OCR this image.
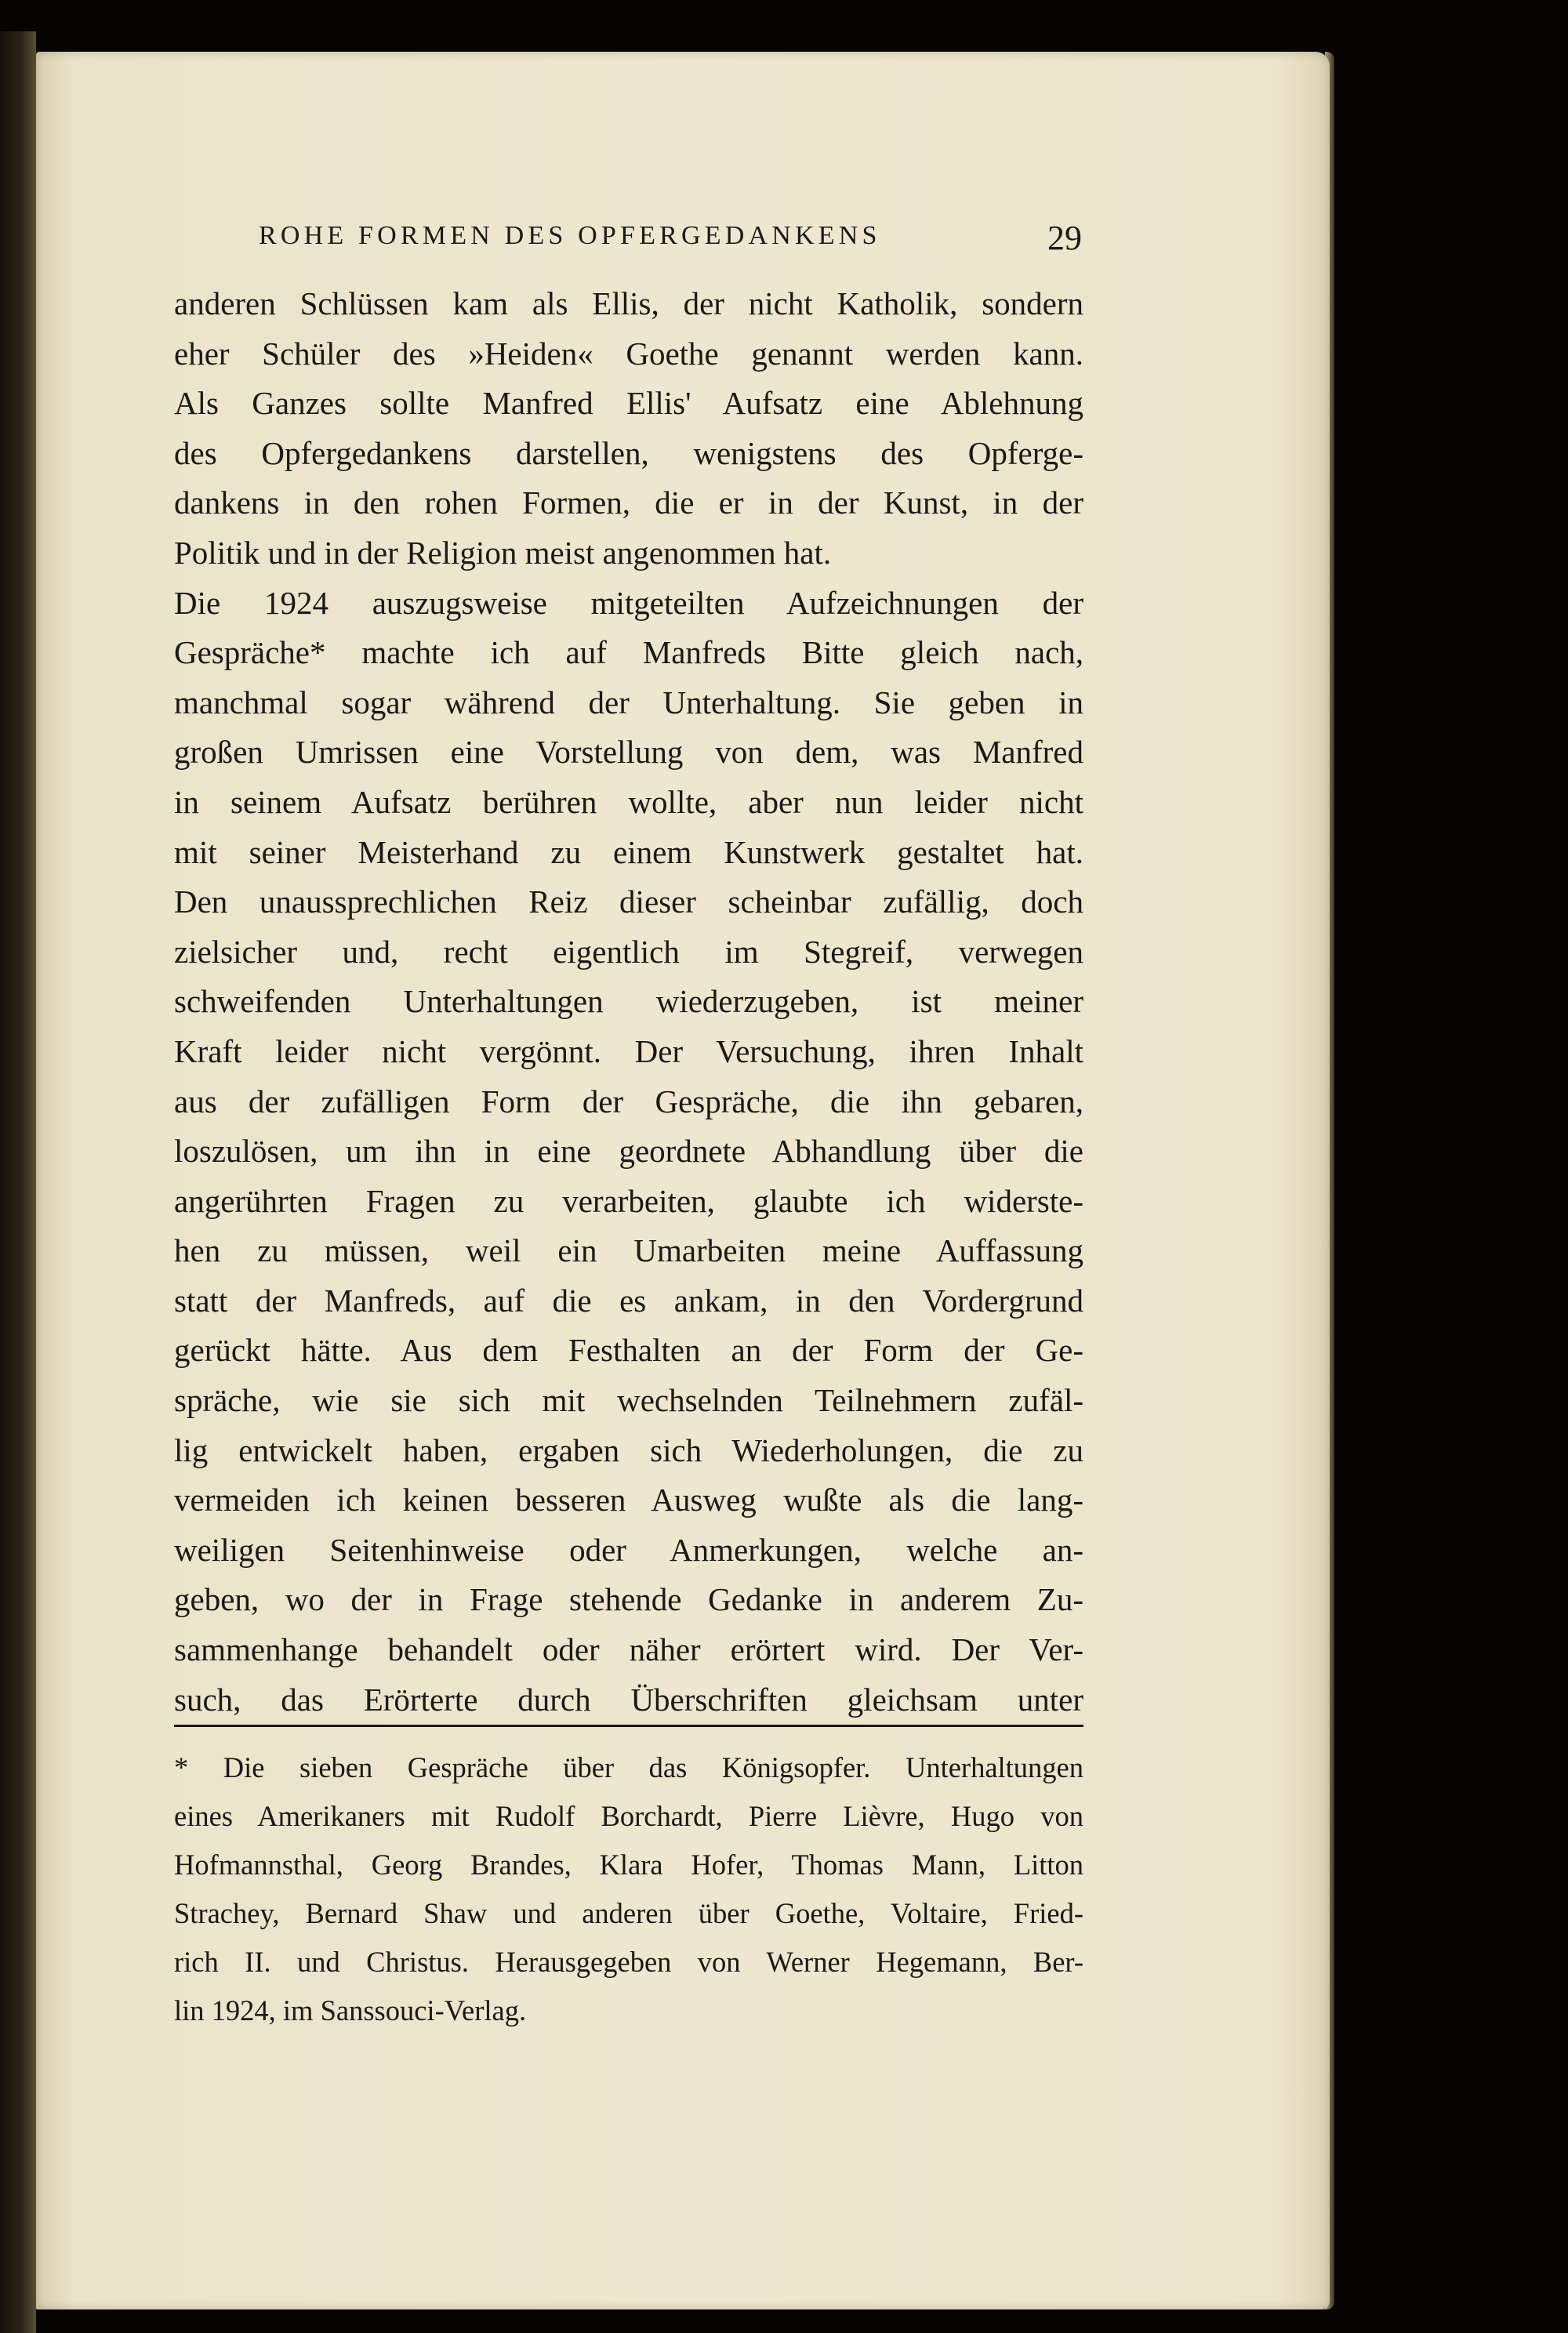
ROHE FORMEN DES OPFERGEDANKENS	29
anderen Schlüssen kam als Ellis, der nicht Katholik, sondern
eher Schüler des »Heiden« Goethe genannt werden kann.
Als Ganzes sollte Manfred Ellis' Aufsatz eine Ablehnung
des Opfergedankens darstellen, wenigstens des Opferge-
dankens in den rohen Formen, die er in der Kunst, in der
Politik und in der Religion meist angenommen hat.
Die 1924 auszugsweise mitgeteilten Aufzeichnungen der
Gespräche* machte ich auf Manfreds Bitte gleich nach,
manchmal sogar während der Unterhaltung. Sie geben in
großen Umrissen eine Vorstellung von dem, was Manfred
in seinem Aufsatz berühren wollte, aber nun leider nicht
mit seiner Meisterhand zu einem Kunstwerk gestaltet hat.
Den unaussprechlichen Reiz dieser scheinbar zufällig, doch
zielsicher und, recht eigentlich im Stegreif, verwegen
schweifenden Unterhaltungen wiederzugeben, ist meiner
Kraft leider nicht vergönnt. Der Versuchung, ihren Inhalt
aus der zufälligen Form der Gespräche, die ihn gebaren,
loszulösen, um ihn in eine geordnete Abhandlung über die
angerührten Fragen zu verarbeiten, glaubte ich widerste-
hen zu müssen, weil ein Umarbeiten meine Auffassung
statt der Manfreds, auf die es ankam, in den Vordergrund
gerückt hätte. Aus dem Festhalten an der Form der Ge-
spräche, wie sie sich mit wechselnden Teilnehmern zufäl-
lig entwickelt haben, ergaben sich Wiederholungen, die zu
vermeiden ich keinen besseren Ausweg wußte als die lang-
weiligen Seitenhinweise oder Anmerkungen, welche an-
geben, wo der in Frage stehende Gedanke in anderem Zu-
sammenhange behandelt oder näher erörtert wird. Der Ver-
such, das Erörterte durch Überschriften gleichsam unter
* Die sieben Gespräche über das Königsopfer. Unterhaltungen
eines Amerikaners mit Rudolf Borchardt, Pierre Lièvre, Hugo von
Hofmannsthal, Georg Brandes, Klara Hofer, Thomas Mann, Litton
Strachey, Bernard Shaw und anderen über Goethe, Voltaire, Fried-
rich II. und Christus. Herausgegeben von Werner Hegemann, Ber-
lin 1924, im Sanssouci-Verlag.
